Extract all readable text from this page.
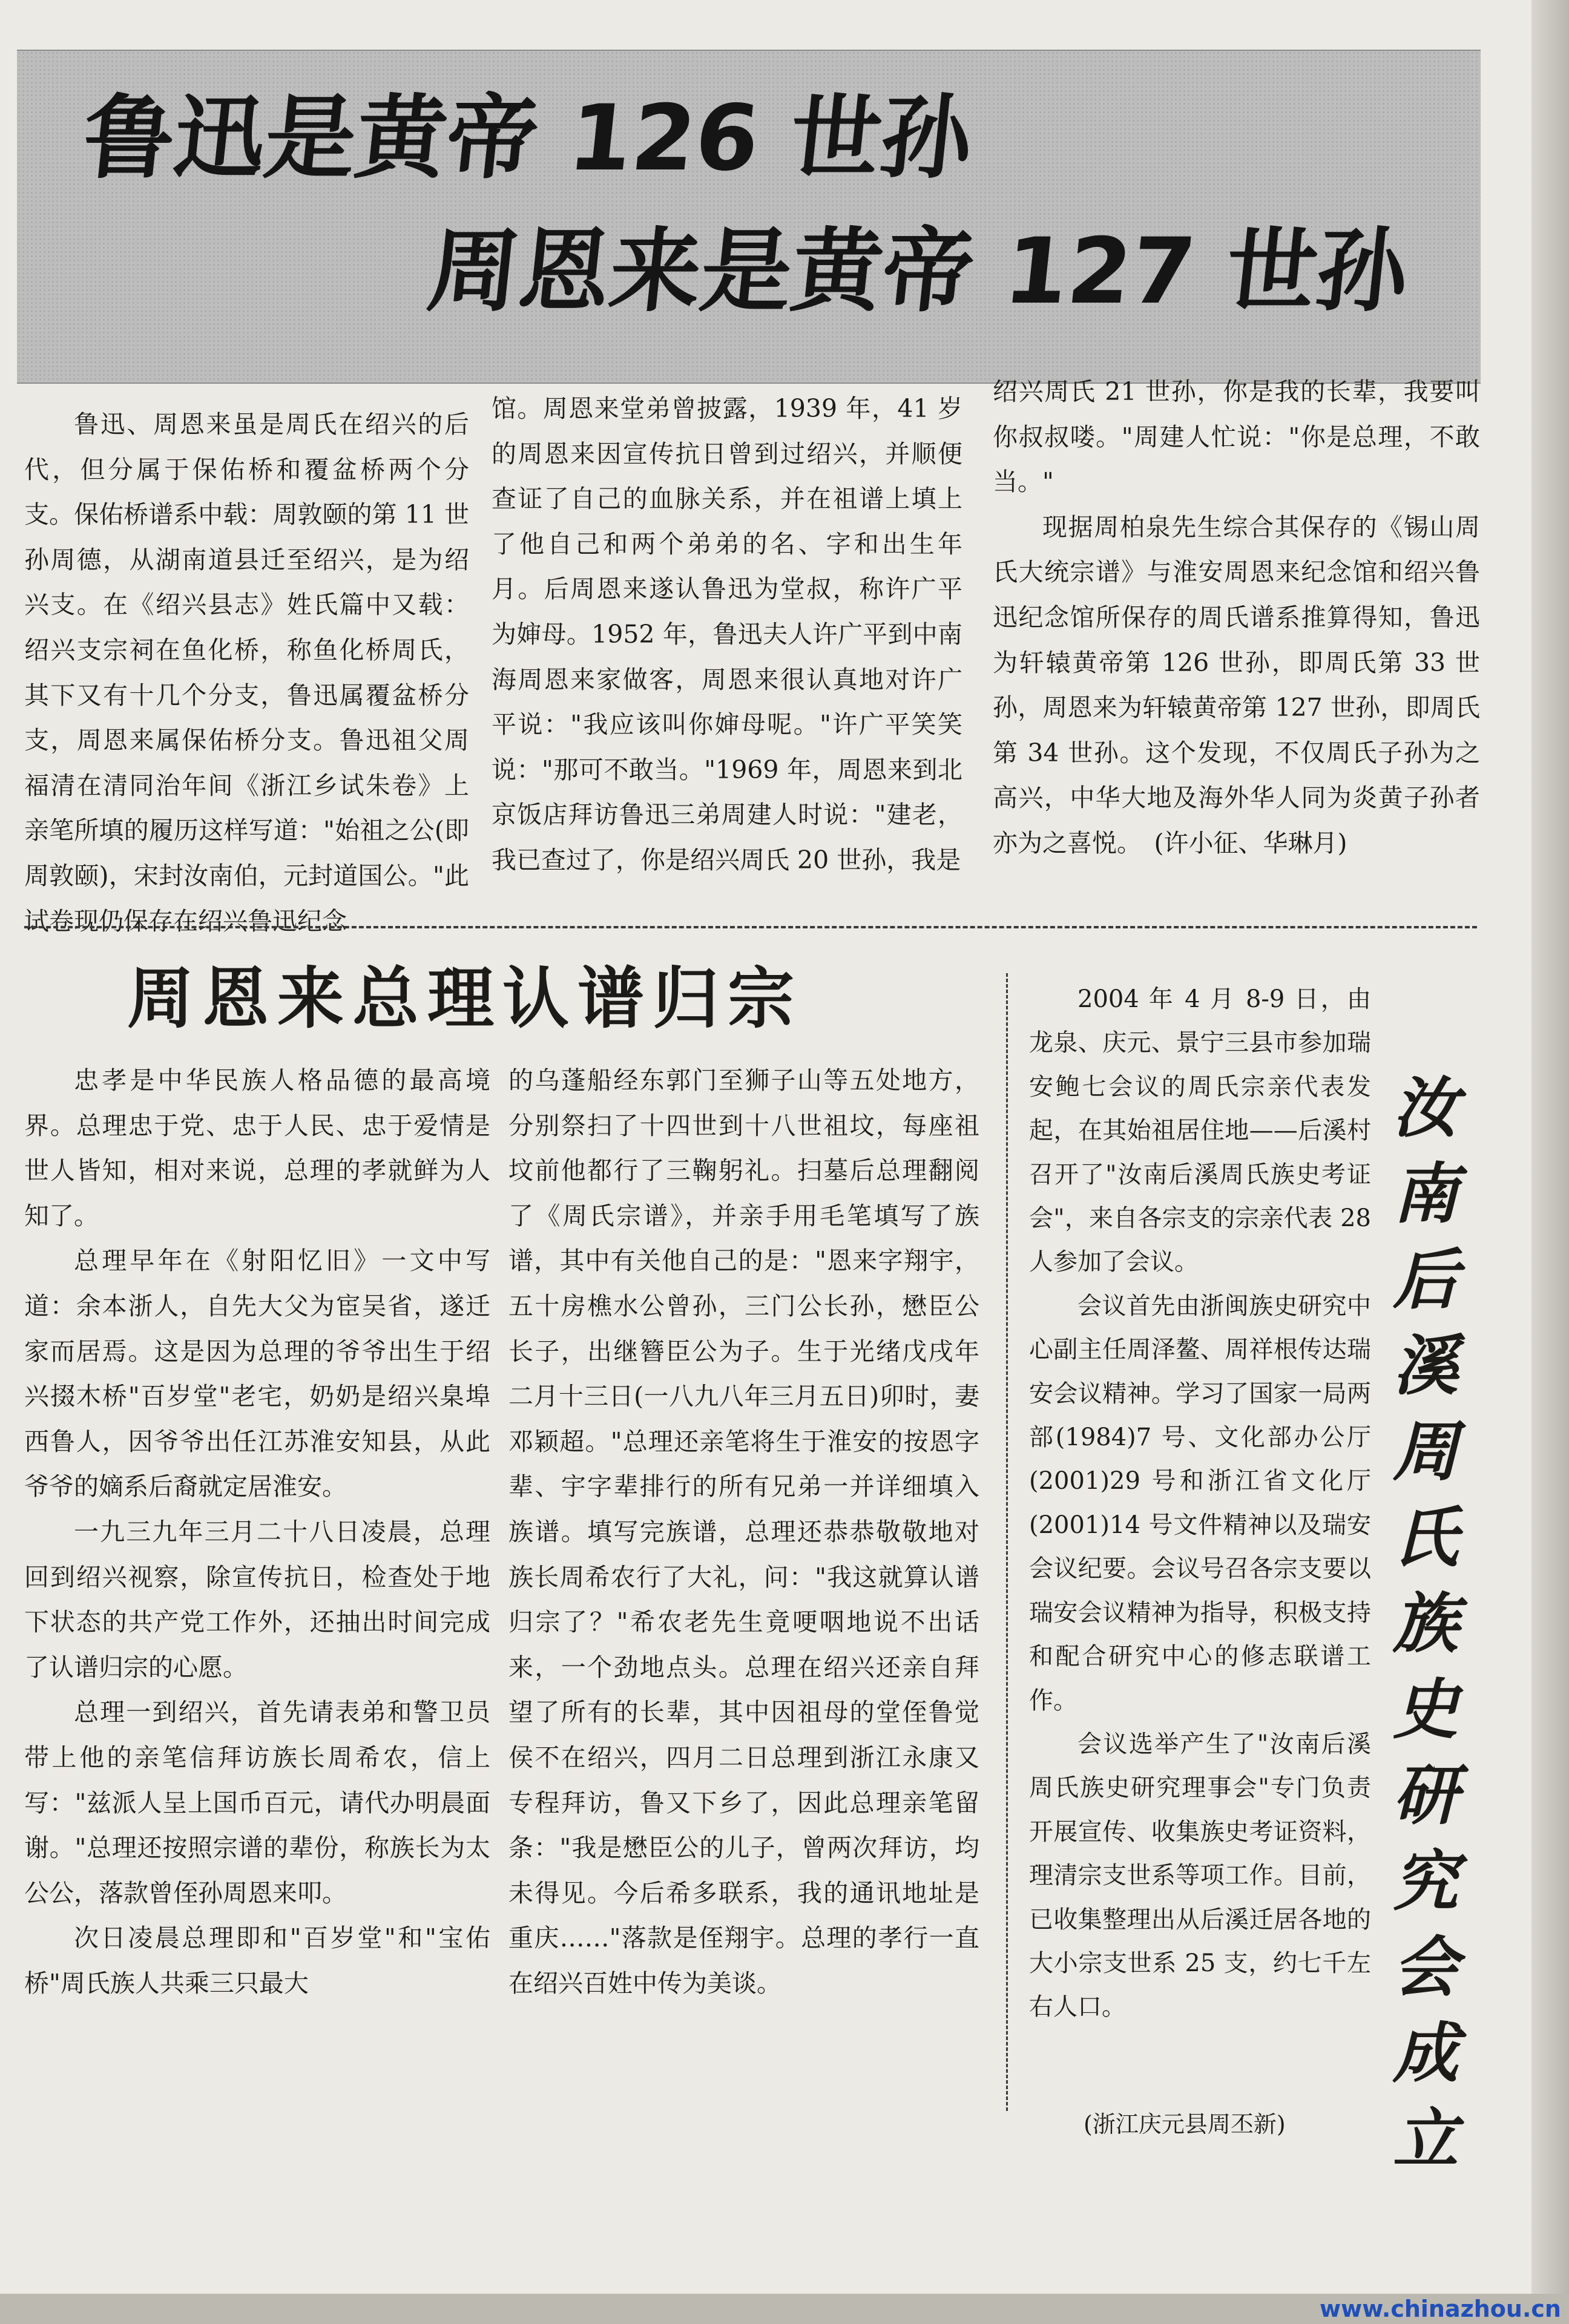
鲁迅是黄帝 126 世孙
周恩来是黄帝 127 世孙

鲁迅、周恩来虽是周氏在绍兴的后代，但分属于保佑桥和覆盆桥两个分支。保佑桥谱系中载：周敦颐的第 11 世孙周德，从湖南道县迁至绍兴，是为绍兴支。在《绍兴县志》姓氏篇中又载：绍兴支宗祠在鱼化桥，称鱼化桥周氏，其下又有十几个分支，鲁迅属覆盆桥分支，周恩来属保佑桥分支。鲁迅祖父周福清在清同治年间《浙江乡试朱卷》上亲笔所填的履历这样写道："始祖之公(即周敦颐)，宋封汝南伯，元封道国公。"此试卷现仍保存在绍兴鲁迅纪念

馆。周恩来堂弟曾披露，1939 年，41 岁的周恩来因宣传抗日曾到过绍兴，并顺便查证了自己的血脉关系，并在祖谱上填上了他自己和两个弟弟的名、字和出生年月。后周恩来遂认鲁迅为堂叔，称许广平为婶母。1952 年，鲁迅夫人许广平到中南海周恩来家做客，周恩来很认真地对许广平说："我应该叫你婶母呢。"许广平笑笑说："那可不敢当。"1969 年，周恩来到北京饭店拜访鲁迅三弟周建人时说："建老，我已查过了，你是绍兴周氏 20 世孙，我是

绍兴周氏 21 世孙，你是我的长辈，我要叫你叔叔喽。"周建人忙说："你是总理，不敢当。"

现据周柏泉先生综合其保存的《锡山周氏大统宗谱》与淮安周恩来纪念馆和绍兴鲁迅纪念馆所保存的周氏谱系推算得知，鲁迅为轩辕黄帝第 126 世孙，即周氏第 33 世孙，周恩来为轩辕黄帝第 127 世孙，即周氏第 34 世孙。这个发现，不仅周氏子孙为之高兴，中华大地及海外华人同为炎黄子孙者亦为之喜悦。　(许小征、华琳月)

周恩来总理认谱归宗

忠孝是中华民族人格品德的最高境界。总理忠于党、忠于人民、忠于爱情是世人皆知，相对来说，总理的孝就鲜为人知了。

总理早年在《射阳忆旧》一文中写道：余本浙人，自先大父为宦吴省，遂迁家而居焉。这是因为总理的爷爷出生于绍兴掇木桥"百岁堂"老宅，奶奶是绍兴臬埠西鲁人，因爷爷出任江苏淮安知县，从此爷爷的嫡系后裔就定居淮安。

一九三九年三月二十八日凌晨，总理回到绍兴视察，除宣传抗日，检查处于地下状态的共产党工作外，还抽出时间完成了认谱归宗的心愿。

总理一到绍兴，首先请表弟和警卫员带上他的亲笔信拜访族长周希农，信上写："兹派人呈上国币百元，请代办明晨面谢。"总理还按照宗谱的辈份，称族长为太公公，落款曾侄孙周恩来叩。

次日凌晨总理即和"百岁堂"和"宝佑桥"周氏族人共乘三只最大

的乌蓬船经东郭门至狮子山等五处地方，分别祭扫了十四世到十八世祖坟，每座祖坟前他都行了三鞠躬礼。扫墓后总理翻阅了《周氏宗谱》，并亲手用毛笔填写了族谱，其中有关他自己的是："恩来字翔宇，五十房樵水公曾孙，三门公长孙，懋臣公长子，出继簪臣公为子。生于光绪戊戌年二月十三日(一八九八年三月五日)卯时，妻邓颖超。"总理还亲笔将生于淮安的按恩字辈、宇字辈排行的所有兄弟一并详细填入族谱。填写完族谱，总理还恭恭敬敬地对族长周希农行了大礼，问："我这就算认谱归宗了？"希农老先生竟哽咽地说不出话来，一个劲地点头。总理在绍兴还亲自拜望了所有的长辈，其中因祖母的堂侄鲁觉侯不在绍兴，四月二日总理到浙江永康又专程拜访，鲁又下乡了，因此总理亲笔留条："我是懋臣公的儿子，曾两次拜访，均未得见。今后希多联系，我的通讯地址是重庆……"落款是侄翔宇。总理的孝行一直在绍兴百姓中传为美谈。

2004 年 4 月 8-9 日，由龙泉、庆元、景宁三县市参加瑞安鲍七会议的周氏宗亲代表发起，在其始祖居住地——后溪村召开了"汝南后溪周氏族史考证会"，来自各宗支的宗亲代表 28 人参加了会议。

会议首先由浙闽族史研究中心副主任周泽鳌、周祥根传达瑞安会议精神。学习了国家一局两部(1984)7 号、文化部办公厅(2001)29 号和浙江省文化厅(2001)14 号文件精神以及瑞安会议纪要。会议号召各宗支要以瑞安会议精神为指导，积极支持和配合研究中心的修志联谱工作。

会议选举产生了"汝南后溪周氏族史研究理事会"专门负责开展宣传、收集族史考证资料，理清宗支世系等项工作。目前，已收集整理出从后溪迁居各地的大小宗支世系 25 支，约七千左右人口。

汝南后溪周氏族史研究会成立

(浙江庆元县周丕新)

www.chinazhou.cn
